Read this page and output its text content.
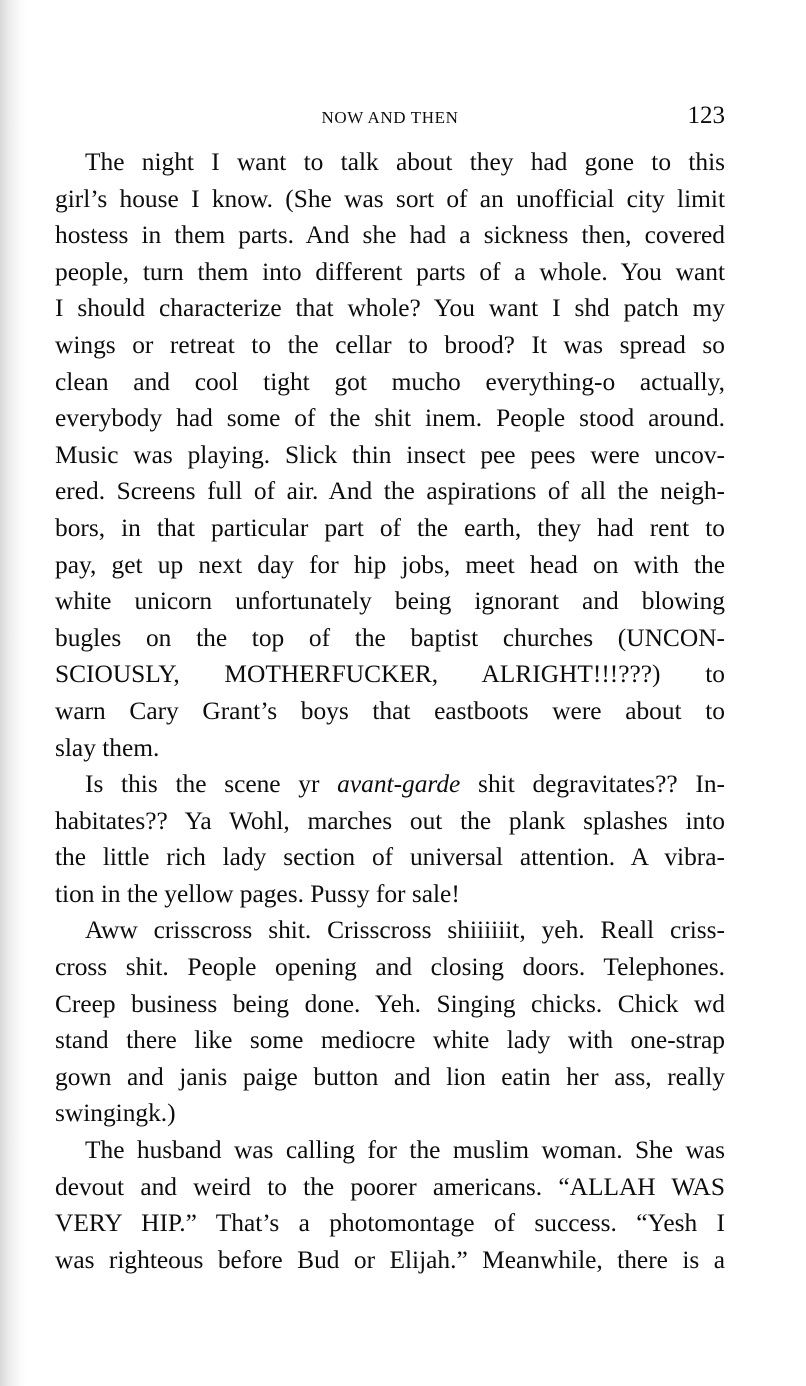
NOW AND THEN	123
The night I want to talk about they had gone to this
girl’s house I know. (She was sort of an unofficial city limit
hostess in them parts. And she had a sickness then, covered
people, turn them into different parts of a whole. You want
I should characterize that whole? You want I shd patch my
wings or retreat to the cellar to brood? It was spread so
clean and cool tight got mucho everything-o actually,
everybody had some of the shit inem. People stood around.
Music was playing. Slick thin insect pee pees were uncov-
ered. Screens full of air. And the aspirations of all the neigh-
bors, in that particular part of the earth, they had rent to
pay, get up next day for hip jobs, meet head on with the
white unicorn unfortunately being ignorant and blowing
bugles on the top of the baptist churches (UNCON-
SCIOUSLY, MOTHERFUCKER, ALRIGHT!!!???) to
warn Cary Grant’s boys that eastboots were about to
slay them.
Is this the scene yr avant-garde shit degravitates?? In-
habitates?? Ya Wohl, marches out the plank splashes into
the little rich lady section of universal attention. A vibra-
tion in the yellow pages. Pussy for sale!
Aww crisscross shit. Crisscross shiiiiiit, yeh. Reall criss-
cross shit. People opening and closing doors. Telephones.
Creep business being done. Yeh. Singing chicks. Chick wd
stand there like some mediocre white lady with one-strap
gown and janis paige button and lion eatin her ass, really
swingingk.)
The husband was calling for the muslim woman. She was
devout and weird to the poorer americans. “ALLAH WAS
VERY HIP.” That’s a photomontage of success. “Yesh I
was righteous before Bud or Elijah.” Meanwhile, there is a
